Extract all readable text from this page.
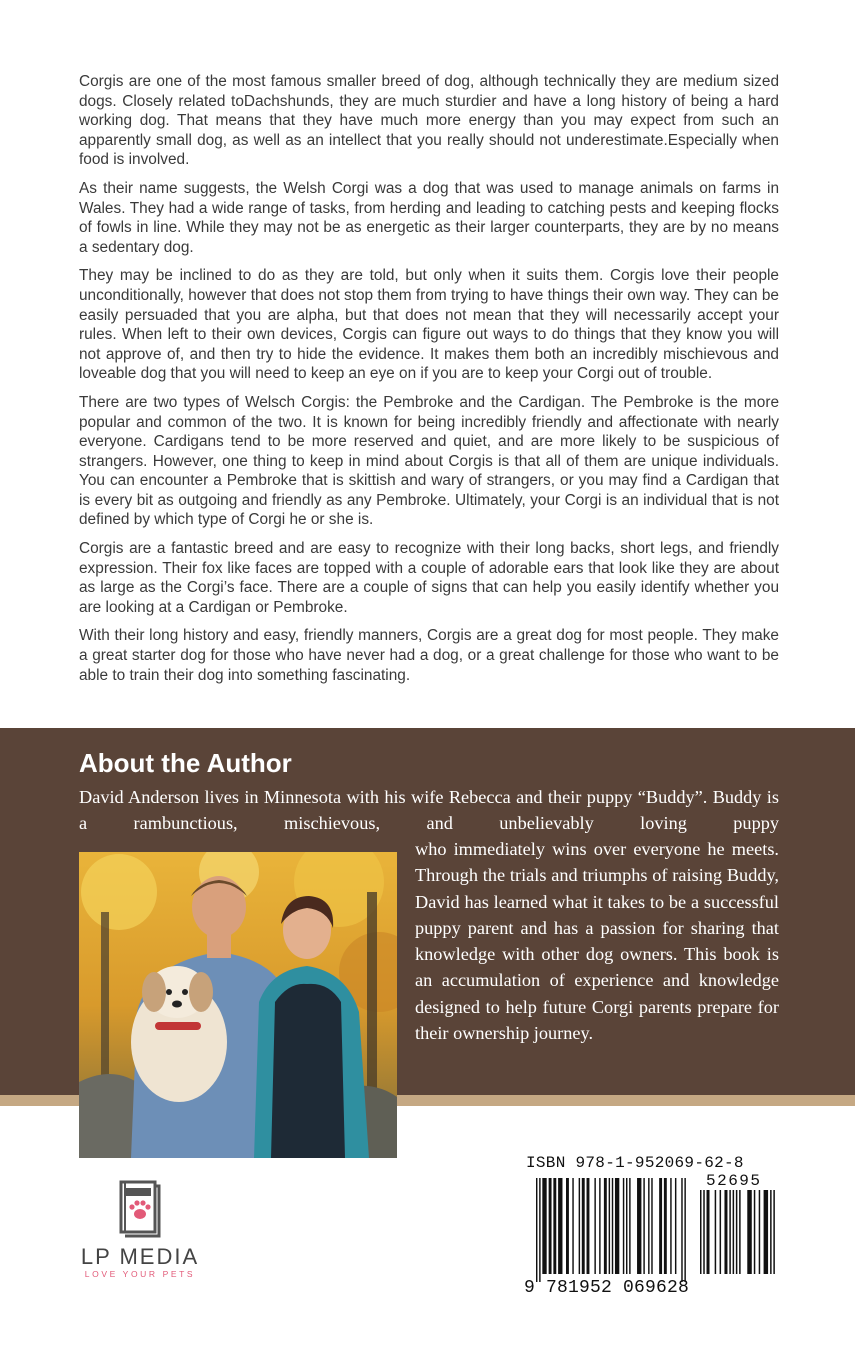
Corgis are one of the most famous smaller breed of dog, although technically they are medium sized dogs. Closely related toDachshunds, they are much sturdier and have a long history of being a hard working dog. That means that they have much more energy than you may expect from such an apparently small dog, as well as an intellect that you really should not underestimate.Especially when food is involved.

As their name suggests, the Welsh Corgi was a dog that was used to manage animals on farms in Wales. They had a wide range of tasks, from herding and leading to catching pests and keeping flocks of fowls in line. While they may not be as energetic as their larger counterparts, they are by no means a sedentary dog.

They may be inclined to do as they are told, but only when it suits them. Corgis love their people unconditionally, however that does not stop them from trying to have things their own way. They can be easily persuaded that you are alpha, but that does not mean that they will necessarily accept your rules. When left to their own devices, Corgis can figure out ways to do things that they know you will not approve of, and then try to hide the evidence. It makes them both an incredibly mischievous and loveable dog that you will need to keep an eye on if you are to keep your Corgi out of trouble.

There are two types of Welsch Corgis: the Pembroke and the Cardigan. The Pembroke is the more popular and common of the two. It is known for being incredibly friendly and affectionate with nearly everyone. Cardigans tend to be more reserved and quiet, and are more likely to be suspicious of strangers. However, one thing to keep in mind about Corgis is that all of them are unique individuals. You can encounter a Pembroke that is skittish and wary of strangers, or you may find a Cardigan that is every bit as outgoing and friendly as any Pembroke. Ultimately, your Corgi is an individual that is not defined by which type of Corgi he or she is.

Corgis are a fantastic breed and are easy to recognize with their long backs, short legs, and friendly expression. Their fox like faces are topped with a couple of adorable ears that look like they are about as large as the Corgi’s face. There are a couple of signs that can help you easily identify whether you are looking at a Cardigan or Pembroke.

With their long history and easy, friendly manners, Corgis are a great dog for most people. They make a great starter dog for those who have never had a dog, or a great challenge for those who want to be able to train their dog into something fascinating.

About the Author

David Anderson lives in Minnesota with his wife Rebecca and their puppy “Buddy”. Buddy is a rambunctious, mischievous, and unbelievably loving puppy

who immediately wins over everyone he meets. Through the trials and triumphs of raising Buddy, David has learned what it takes to be a successful puppy parent and has a passion for sharing that knowledge with other dog owners. This book is an accumulation of experience and knowledge designed to help future Corgi parents prepare for their ownership journey.

LP MEDIA
LOVE YOUR PETS
ISBN 978-1-952069-62-8
52695
9 781952 069628
